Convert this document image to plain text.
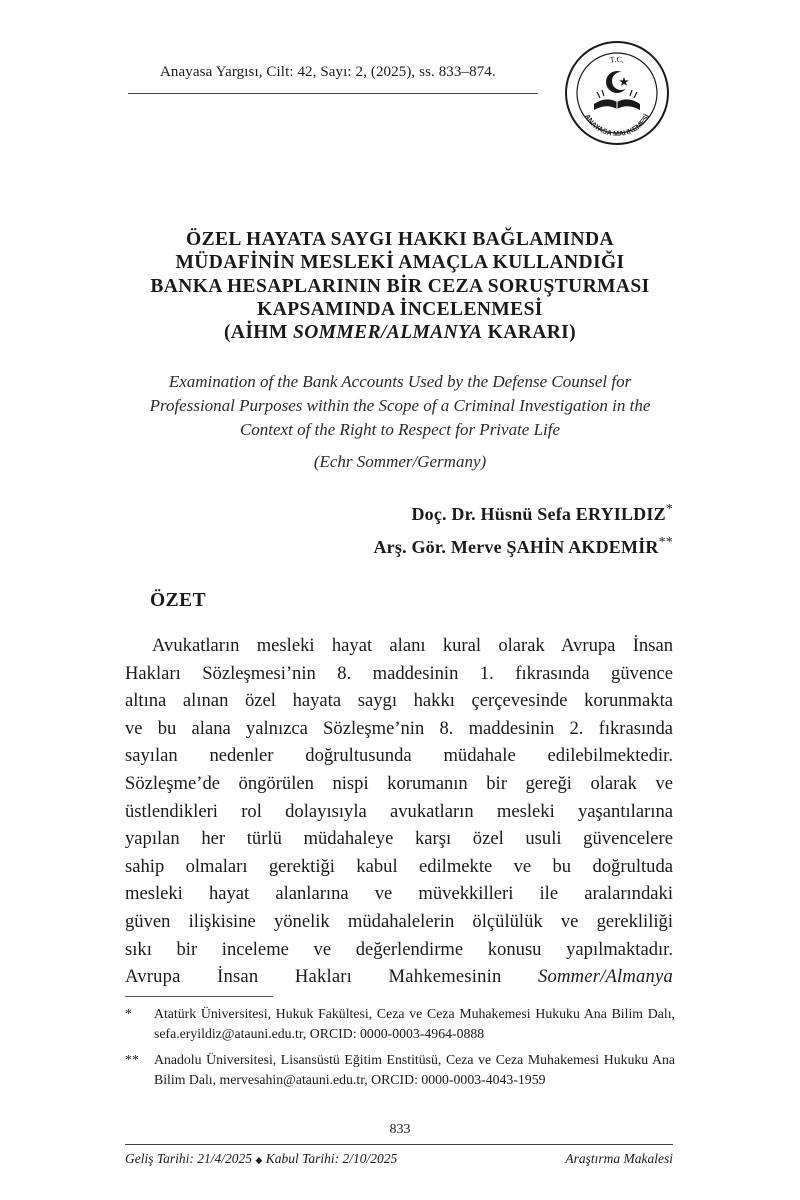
Anayasa Yargısı, Cilt: 42, Sayı: 2, (2025), ss. 833–874.
T.C.
ANAYASA MAHKEMESİ
ÖZEL HAYATA SAYGI HAKKI BAĞLAMINDA
MÜDAFİNİN MESLEKİ AMAÇLA KULLANDIĞI
BANKA HESAPLARININ BİR CEZA SORUŞTURMASI
KAPSAMINDA İNCELENMESİ
(AİHM SOMMER/ALMANYA KARARI)
Examination of the Bank Accounts Used by the Defense Counsel for
Professional Purposes within the Scope of a Criminal Investigation in the
Context of the Right to Respect for Private Life
(Echr Sommer/Germany)
Doç. Dr. Hüsnü Sefa ERYILDIZ*
Arş. Gör. Merve ŞAHİN AKDEMİR**
ÖZET
Avukatların mesleki hayat alanı kural olarak Avrupa İnsan
Hakları Sözleşmesi’nin 8. maddesinin 1. fıkrasında güvence
altına alınan özel hayata saygı hakkı çerçevesinde korunmakta
ve bu alana yalnızca Sözleşme’nin 8. maddesinin 2. fıkrasında
sayılan nedenler doğrultusunda müdahale edilebilmektedir.
Sözleşme’de öngörülen nispi korumanın bir gereği olarak ve
üstlendikleri rol dolayısıyla avukatların mesleki yaşantılarına
yapılan her türlü müdahaleye karşı özel usuli güvencelere
sahip olmaları gerektiği kabul edilmekte ve bu doğrultuda
mesleki hayat alanlarına ve müvekkilleri ile aralarındaki
güven ilişkisine yönelik müdahalelerin ölçülülük ve gerekliliği
sıkı bir inceleme ve değerlendirme konusu yapılmaktadır.
Avrupa İnsan Hakları Mahkemesinin Sommer/Almanya
*	Atatürk Üniversitesi, Hukuk Fakültesi, Ceza ve Ceza Muhakemesi Hukuku Ana Bilim Dalı, sefa.eryildiz@atauni.edu.tr, ORCID: 0000-0003-4964-0888
**	Anadolu Üniversitesi, Lisansüstü Eğitim Enstitüsü, Ceza ve Ceza Muhakemesi Hukuku Ana Bilim Dalı, mervesahin@atauni.edu.tr, ORCID: 0000-0003-4043-1959
833
Geliş Tarihi: 21/4/2025 ◆ Kabul Tarihi: 2/10/2025	Araştırma Makalesi
